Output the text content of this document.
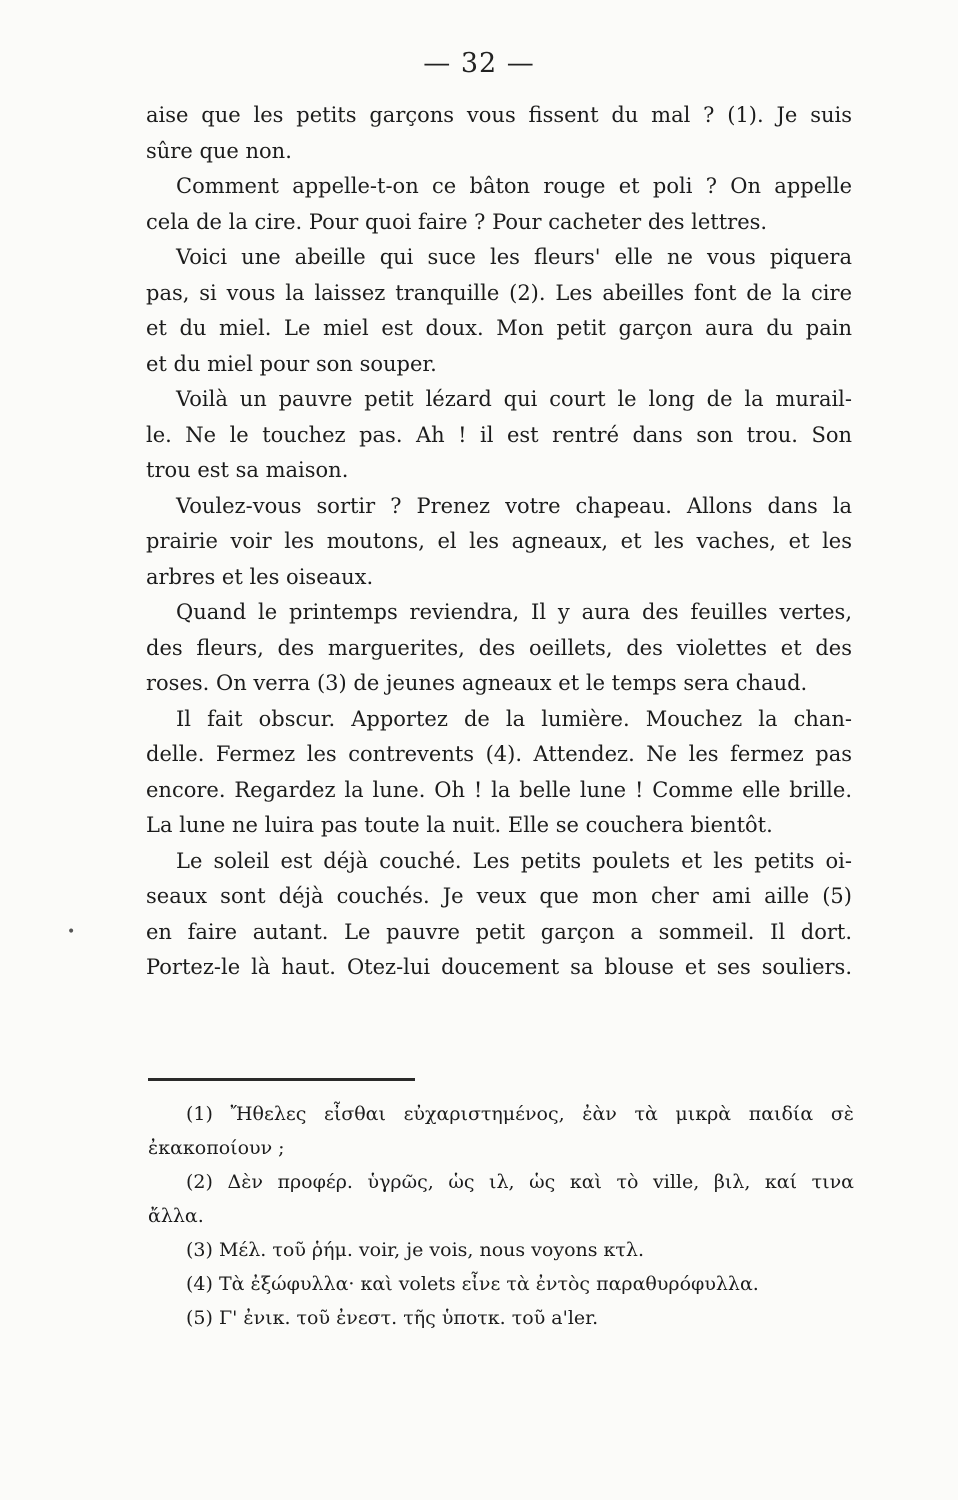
— 32 —
aise que les petits garçons vous fissent du mal ? (1). Je suis
sûre que non.
Comment appelle-t-on ce bâton rouge et poli ? On appelle
cela de la cire. Pour quoi faire ? Pour cacheter des lettres.
Voici une abeille qui suce les fleurs' elle ne vous piquera
pas, si vous la laissez tranquille (2). Les abeilles font de la cire
et du miel. Le miel est doux. Mon petit garçon aura du pain
et du miel pour son souper.
Voilà un pauvre petit lézard qui court le long de la murail-
le. Ne le touchez pas. Ah ! il est rentré dans son trou. Son
trou est sa maison.
Voulez-vous sortir ? Prenez votre chapeau. Allons dans la
prairie voir les moutons, el les agneaux, et les vaches, et les
arbres et les oiseaux.
Quand le printemps reviendra, Il y aura des feuilles vertes,
des fleurs, des marguerites, des oeillets, des violettes et des
roses. On verra (3) de jeunes agneaux et le temps sera chaud.
Il fait obscur. Apportez de la lumière. Mouchez la chan-
delle. Fermez les contrevents (4). Attendez. Ne les fermez pas
encore. Regardez la lune. Oh ! la belle lune ! Comme elle brille.
La lune ne luira pas toute la nuit. Elle se couchera bientôt.
Le soleil est déjà couché. Les petits poulets et les petits oi-
seaux sont déjà couchés. Je veux que mon cher ami aille (5)
en faire autant. Le pauvre petit garçon a sommeil. Il dort.
Portez-le là haut. Otez-lui doucement sa blouse et ses souliers.
(1) Ἤθελες εἶσθαι εὐχαριστημένος, ἐὰν τὰ μικρὰ παιδία σὲ
ἐκακοποίουν ;
(2) Δὲν προφέρ. ὑγρῶς, ὡς ιλ, ὡς καὶ τὸ ville, βιλ, καί τινα
ἄλλα.
(3) Μέλ. τοῦ ῥήμ. voir, je vois, nous voyons κτλ.
(4) Τὰ ἐξώφυλλα· καὶ volets εἶνε τὰ ἐντὸς παραθυρόφυλλα.
(5) Γ' ἐνικ. τοῦ ἐνεστ. τῆς ὑποτκ. τοῦ a'ler.
•
